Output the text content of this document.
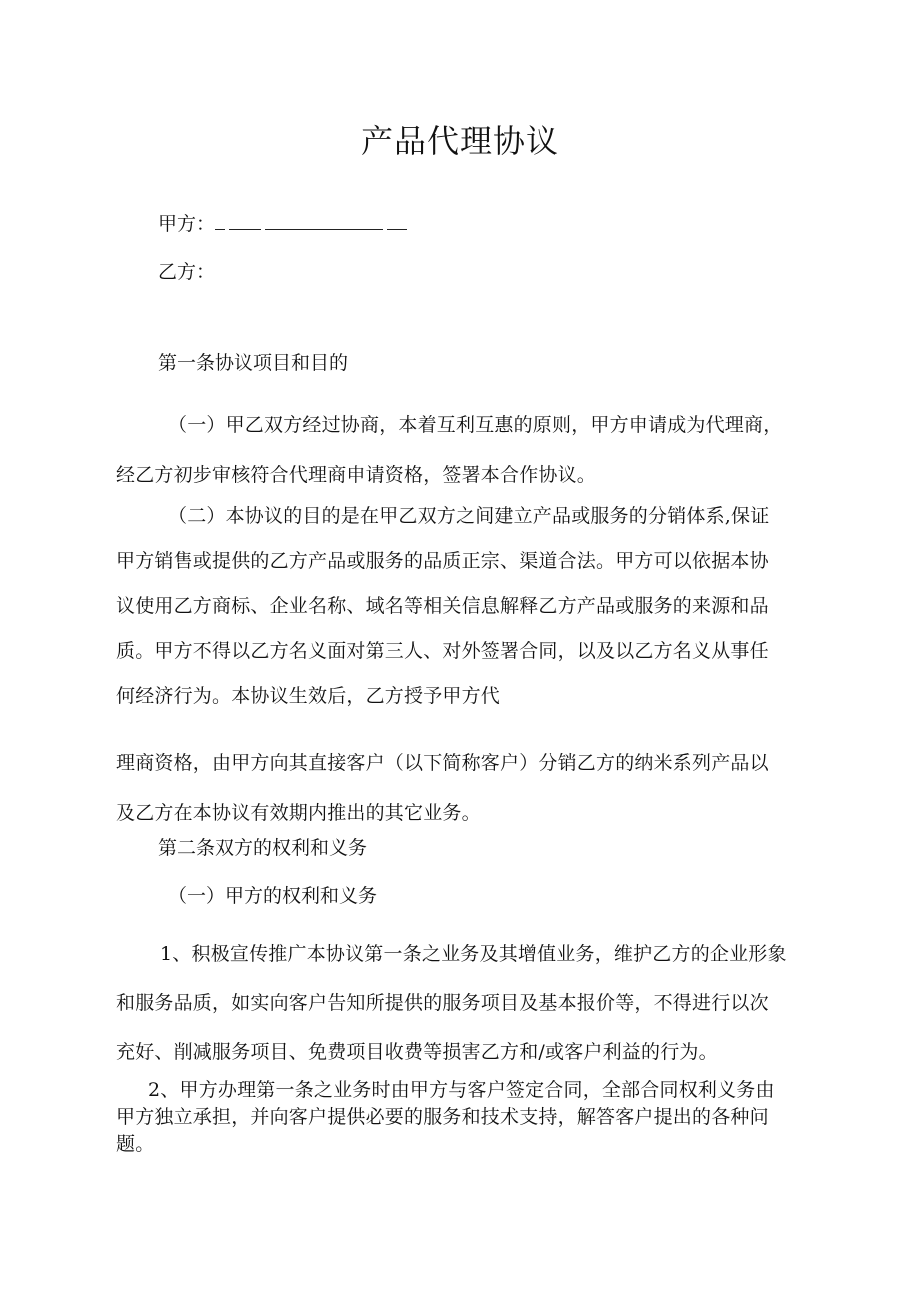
产品代理协议
甲方：
乙方：
第一条协议项目和目的

（一）甲乙双方经过协商，本着互利互惠的原则，甲方申请成为代理商，

经乙方初步审核符合代理商申请资格，签署本合作协议。

（二）本协议的目的是在甲乙双方之间建立产品或服务的分销体系,保证

甲方销售或提供的乙方产品或服务的品质正宗、渠道合法。甲方可以依据本协

议使用乙方商标、企业名称、域名等相关信息解释乙方产品或服务的来源和品

质。甲方不得以乙方名义面对第三人、对外签署合同，以及以乙方名义从事任

何经济行为。本协议生效后，乙方授予甲方代

理商资格，由甲方向其直接客户（以下简称客户）分销乙方的纳米系列产品以

及乙方在本协议有效期内推出的其它业务。

第二条双方的权利和义务
（一）甲方的权利和义务

1、积极宣传推广本协议第一条之业务及其增值业务，维护乙方的企业形象

和服务品质，如实向客户告知所提供的服务项目及基本报价等，不得进行以次

充好、削减服务项目、免费项目收费等损害乙方和/或客户利益的行为。

2、甲方办理第一条之业务时由甲方与客户签定合同，全部合同权利义务由

甲方独立承担，并向客户提供必要的服务和技术支持，解答客户提出的各种问

题。
